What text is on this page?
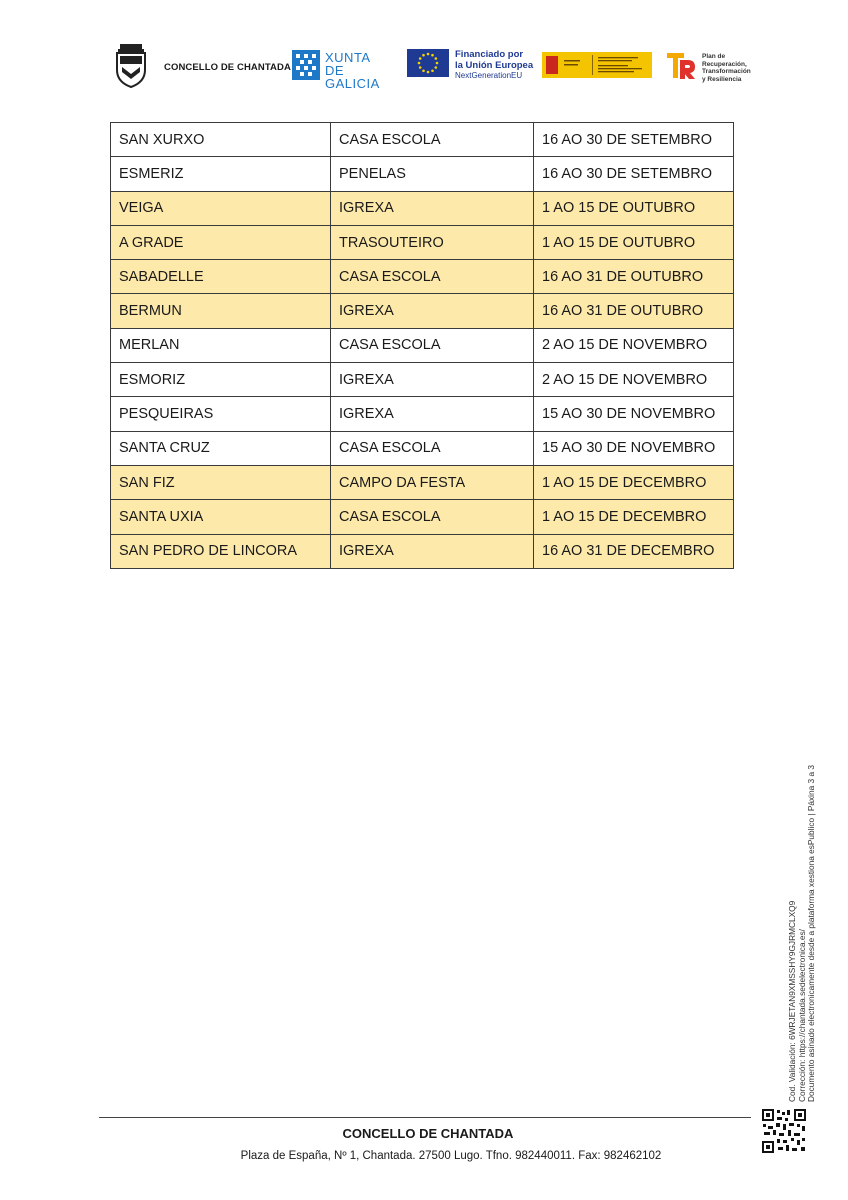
CONCELLO DE CHANTADA
XUNTA
DE GALICIA
Financiado por
la Unión Europea
NextGenerationEU
Plan de
Recuperación,
Transformación
y Resiliencia
SAN XURXO	CASA ESCOLA	16 AO 30 DE SETEMBRO
ESMERIZ	PENELAS	16 AO 30 DE SETEMBRO
VEIGA	IGREXA	1 AO 15 DE OUTUBRO
A GRADE	TRASOUTEIRO	1 AO 15 DE OUTUBRO
SABADELLE	CASA ESCOLA	16 AO 31 DE OUTUBRO
BERMUN	IGREXA	16 AO 31 DE OUTUBRO
MERLAN	CASA ESCOLA	2 AO 15 DE NOVEMBRO
ESMORIZ	IGREXA	2 AO 15 DE NOVEMBRO
PESQUEIRAS	IGREXA	15 AO 30 DE NOVEMBRO
SANTA CRUZ	CASA ESCOLA	15 AO 30 DE NOVEMBRO
SAN FIZ	CAMPO DA FESTA	1 AO 15 DE DECEMBRO
SANTA UXIA	CASA ESCOLA	1 AO 15 DE DECEMBRO
SAN PEDRO DE LINCORA	IGREXA	16 AO 31 DE DECEMBRO
Cod. Validación: 6WRJETAN9XMSSHY9GJRMCLXQ9 Corrección: https://chantada.sedelectronica.es/ Documento asinado electronicamente desde a plataforma xestiona esPublico | Páxina 3 a 3
CONCELLO DE CHANTADA
Plaza de España, Nº 1, Chantada. 27500 Lugo. Tfno. 982440011. Fax: 982462102
